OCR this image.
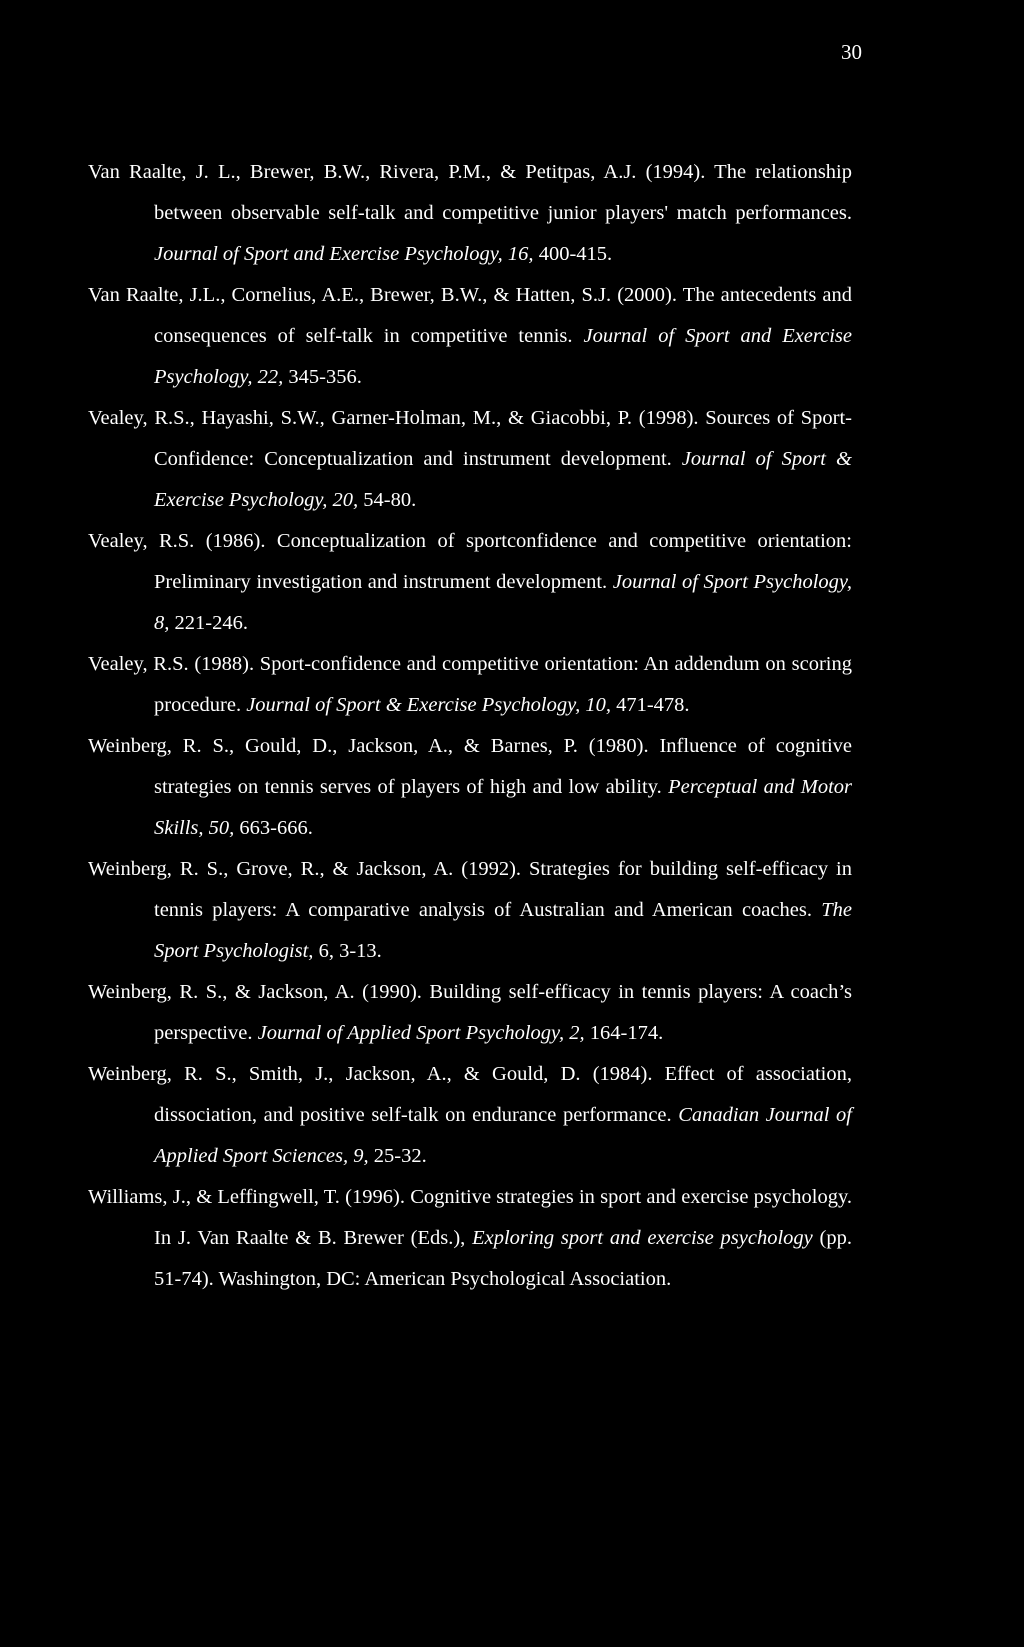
30

Van Raalte, J. L., Brewer, B.W., Rivera, P.M., & Petitpas, A.J. (1994). The relationship between observable self-talk and competitive junior players' match performances. Journal of Sport and Exercise Psychology, 16, 400-415.

Van Raalte, J.L., Cornelius, A.E., Brewer, B.W., & Hatten, S.J. (2000). The antecedents and consequences of self-talk in competitive tennis. Journal of Sport and Exercise Psychology, 22, 345-356.

Vealey, R.S., Hayashi, S.W., Garner-Holman, M., & Giacobbi, P. (1998). Sources of Sport-Confidence: Conceptualization and instrument development. Journal of Sport & Exercise Psychology, 20, 54-80.

Vealey, R.S. (1986). Conceptualization of sportconfidence and competitive orientation: Preliminary investigation and instrument development. Journal of Sport Psychology, 8, 221-246.

Vealey, R.S. (1988). Sport-confidence and competitive orientation: An addendum on scoring procedure. Journal of Sport & Exercise Psychology, 10, 471-478.

Weinberg, R. S., Gould, D., Jackson, A., & Barnes, P. (1980). Influence of cognitive strategies on tennis serves of players of high and low ability. Perceptual and Motor Skills, 50, 663-666.

Weinberg, R. S., Grove, R., & Jackson, A. (1992). Strategies for building self-efficacy in tennis players: A comparative analysis of Australian and American coaches. The Sport Psychologist, 6, 3-13.

Weinberg, R. S., & Jackson, A. (1990). Building self-efficacy in tennis players: A coach’s perspective. Journal of Applied Sport Psychology, 2, 164-174.

Weinberg, R. S., Smith, J., Jackson, A., & Gould, D. (1984). Effect of association, dissociation, and positive self-talk on endurance performance. Canadian Journal of Applied Sport Sciences, 9, 25-32.

Williams, J., & Leffingwell, T. (1996). Cognitive strategies in sport and exercise psychology. In J. Van Raalte & B. Brewer (Eds.), Exploring sport and exercise psychology (pp. 51-74). Washington, DC: American Psychological Association.
